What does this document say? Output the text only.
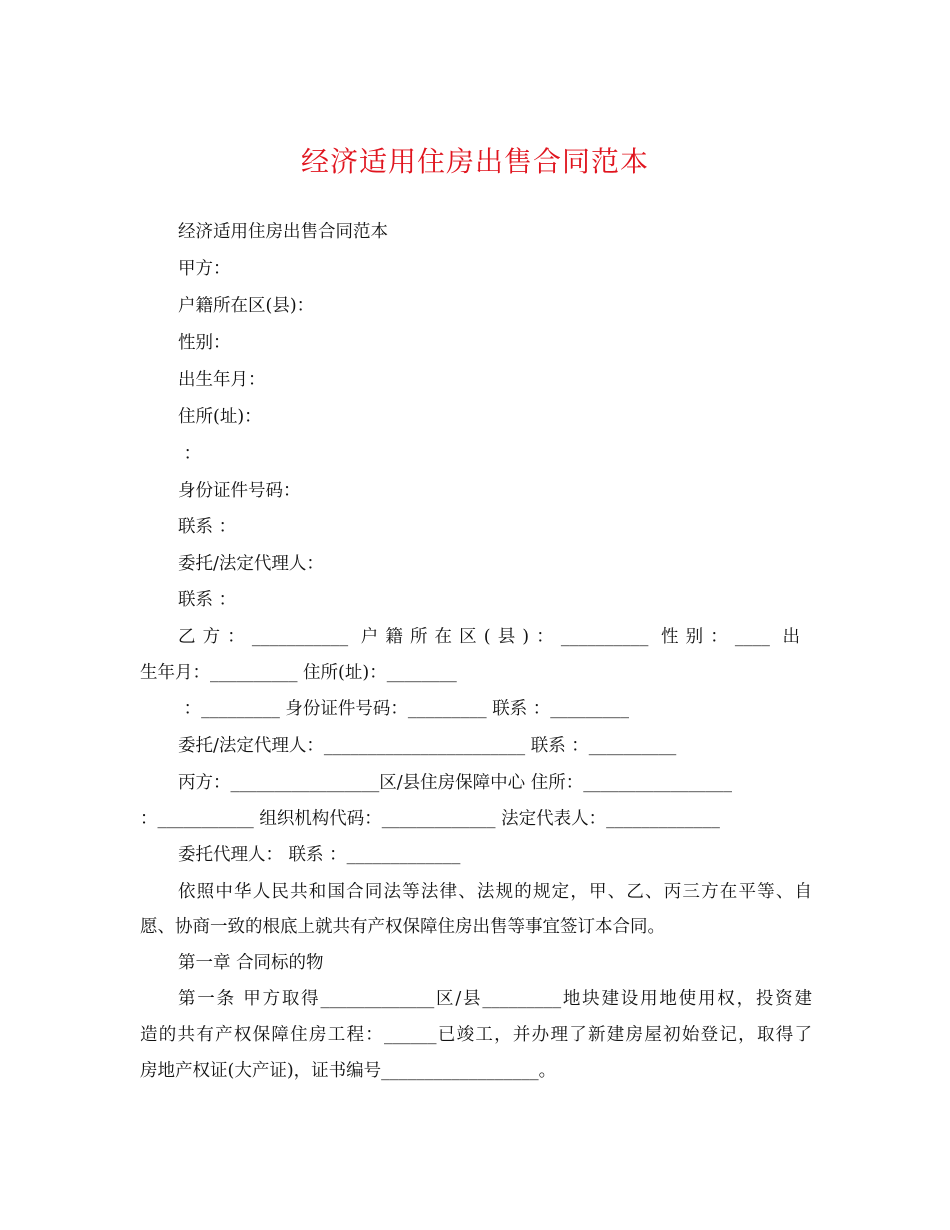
经济适用住房出售合同范本
经济适用住房出售合同范本
甲方：
户籍所在区(县)：
性别：
出生年月：
住所(址)：
：
身份证件号码：
联系 ：
委托/法定代理人：
联系 ：
乙方：___________ 户籍所在区(县)：__________ 性别：____ 出
生年月：__________ 住所(址)：________
：_________ 身份证件号码：_________ 联系 ：_________
委托/法定代理人：_______________________ 联系 ：__________
丙方：_________________区/县住房保障中心 住所：_________________
：___________ 组织机构代码：_____________ 法定代表人：_____________
委托代理人： 联系 ：_____________
依照中华人民共和国合同法等法律、法规的规定，甲、乙、丙三方在平等、自
愿、协商一致的根底上就共有产权保障住房出售等事宜签订本合同。
第一章 合同标的物
第一条 甲方取得_____________区/县_________地块建设用地使用权，投资建
造的共有产权保障住房工程：______已竣工，并办理了新建房屋初始登记，取得了
房地产权证(大产证)，证书编号__________________。
